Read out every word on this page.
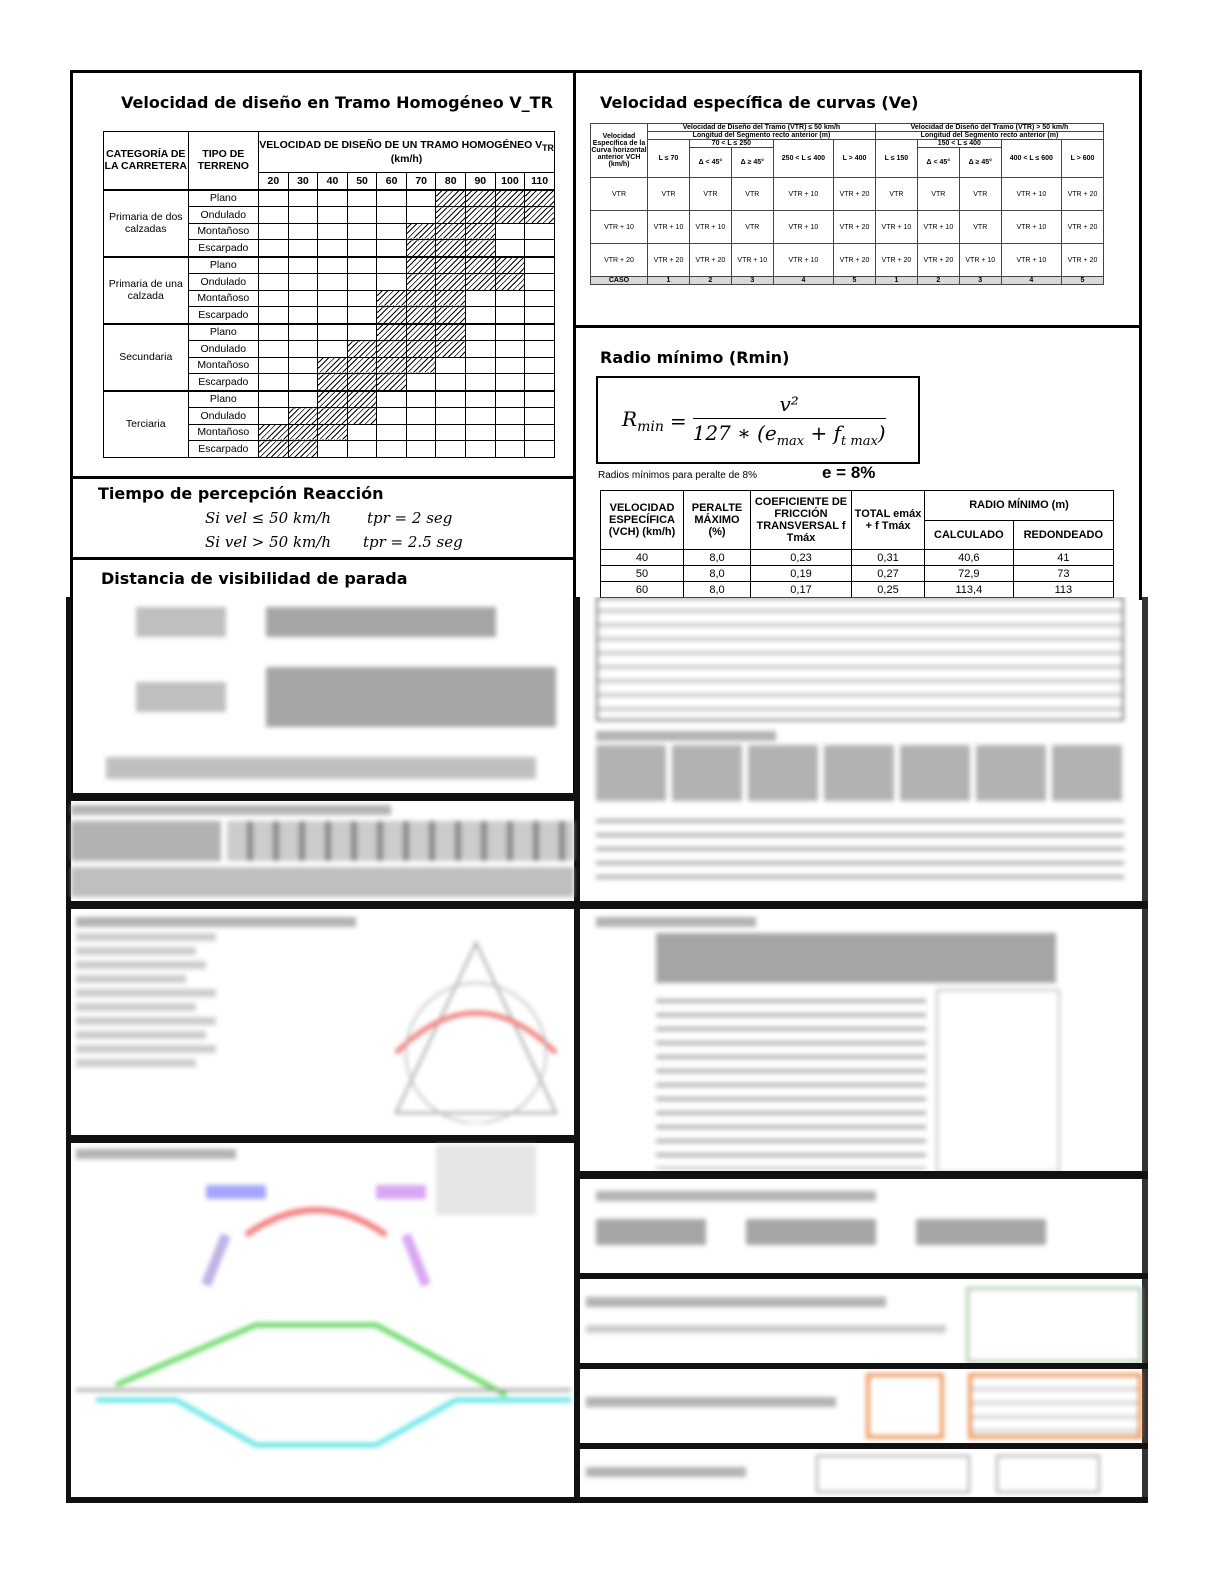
Velocidad de diseño en Tramo Homogéneo V_TR
CATEGORÍA DE LA CARRETERA	TIPO DE TERRENO	VELOCIDAD DE DISEÑO DE UN TRAMO HOMOGÉNEO $V_{TR}$ (km/h)									
		20	30	40	50	60	70	80	90	100	110
Primaria de dos calzadas	Plano										
	Ondulado										
	Montañoso										
	Escarpado										
Primaria de una calzada	Plano										
	Ondulado										
	Montañoso										
	Escarpado										
Secundaria	Plano										
	Ondulado										
	Montañoso										
	Escarpado										
Terciaria	Plano										
	Ondulado										
	Montañoso										
	Escarpado										
Velocidad específica de curvas (Ve)
Velocidad Específica de la Curva horizontal anterior VCH (km/h)	Velocidad de Diseño del Tramo (VTR) ≤ 50 km/h					Velocidad de Diseño del Tramo (VTR) > 50 km/h				
	Longitud del Segmento recto anterior (m)					Longitud del Segmento recto anterior (m)				
	L ≤ 70	70 < L ≤ 250		250 < L ≤ 400	L > 400	L ≤ 150	150 < L ≤ 400		400 < L ≤ 600	L > 600
		Δ < 45°	Δ ≥ 45°				Δ < 45°	Δ ≥ 45°		
VTR	VTR	VTR	VTR	VTR + 10	VTR + 20	VTR	VTR	VTR	VTR + 10	VTR + 20
VTR + 10	VTR + 10	VTR + 10	VTR	VTR + 10	VTR + 20	VTR + 10	VTR + 10	VTR	VTR + 10	VTR + 20
VTR + 20	VTR + 20	VTR + 20	VTR + 10	VTR + 10	VTR + 20	VTR + 20	VTR + 20	VTR + 10	VTR + 10	VTR + 20
CASO	1	2	3	4	5	1	2	3	4	5
Radio mínimo (Rmin)
$R_{min}$ =
v²
127 ∗ $(e_{max} + f_{t max})$
Radios mínimos para peralte de 8%	e = 8%
VELOCIDAD ESPECÍFICA (VCH) (km/h)	PERALTE MÁXIMO (%)	COEFICIENTE DE FRICCIÓN TRANSVERSAL f Tmáx	TOTAL emáx + f Tmáx	RADIO MÍNIMO (m)	
				CALCULADO	REDONDEADO
40	8,0	0,23	0,31	40,6	41
50	8,0	0,19	0,27	72,9	73
60	8,0	0,17	0,25	113,4	113
Tiempo de percepción Reacción
Si vel ≤ 50 km/h tpr = 2 seg
Si vel > 50 km/h tpr = 2.5 seg
Distancia de visibilidad de parada
